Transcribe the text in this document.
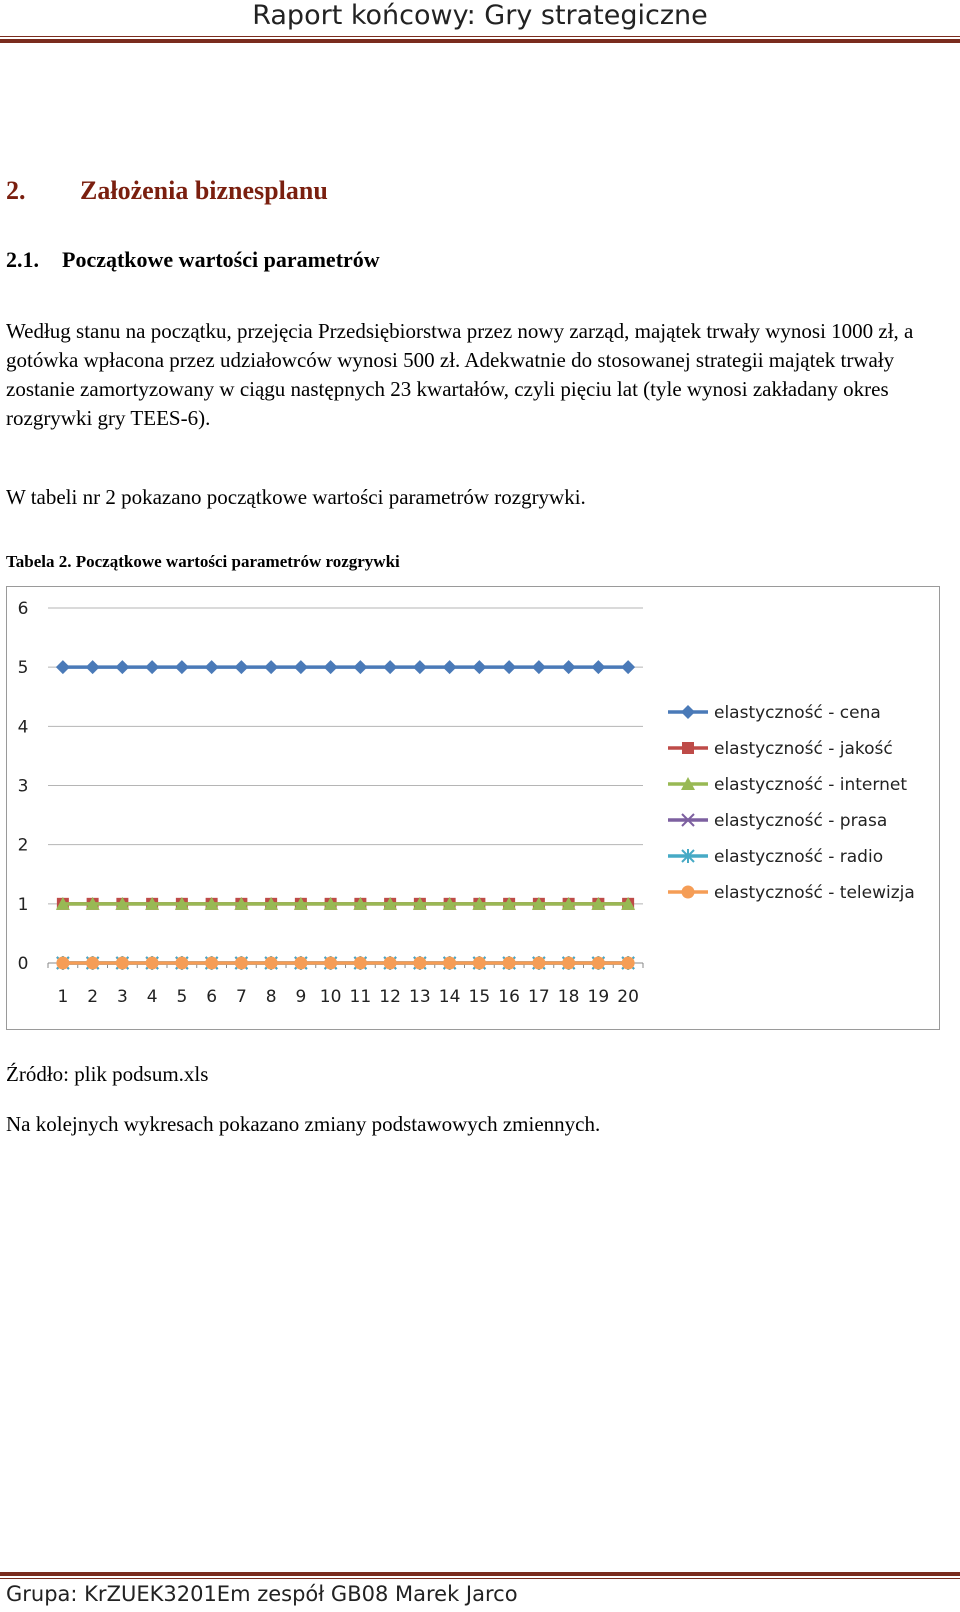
Raport końcowy: Gry strategiczne
2. Założenia biznesplanu
2.1. Początkowe wartości parametrów
Według stanu na początku, przejęcia Przedsiębiorstwa przez nowy zarząd, majątek trwały wynosi 1000 zł, a gotówka wpłacona przez udziałowców wynosi 500 zł. Adekwatnie do stosowanej strategii majątek trwały zostanie zamortyzowany w ciągu następnych 23 kwartałów, czyli pięciu lat (tyle wynosi zakładany okres rozgrywki gry TEES-6).
W tabeli nr 2 pokazano początkowe wartości parametrów rozgrywki.
Tabela 2. Początkowe wartości parametrów rozgrywki
0
1
2
3
4
5
6
1 2 3 4 5 6 7 8 9 10 11 12 13 14 15 16 17 18 19 20
elastyczność - cena
elastyczność - jakość
elastyczność - internet
elastyczność - prasa
elastyczność - radio
elastyczność - telewizja
Źródło: plik podsum.xls
Na kolejnych wykresach pokazano zmiany podstawowych zmiennych.
Grupa: KrZUEK3201Em zespół GB08 Marek Jarco
